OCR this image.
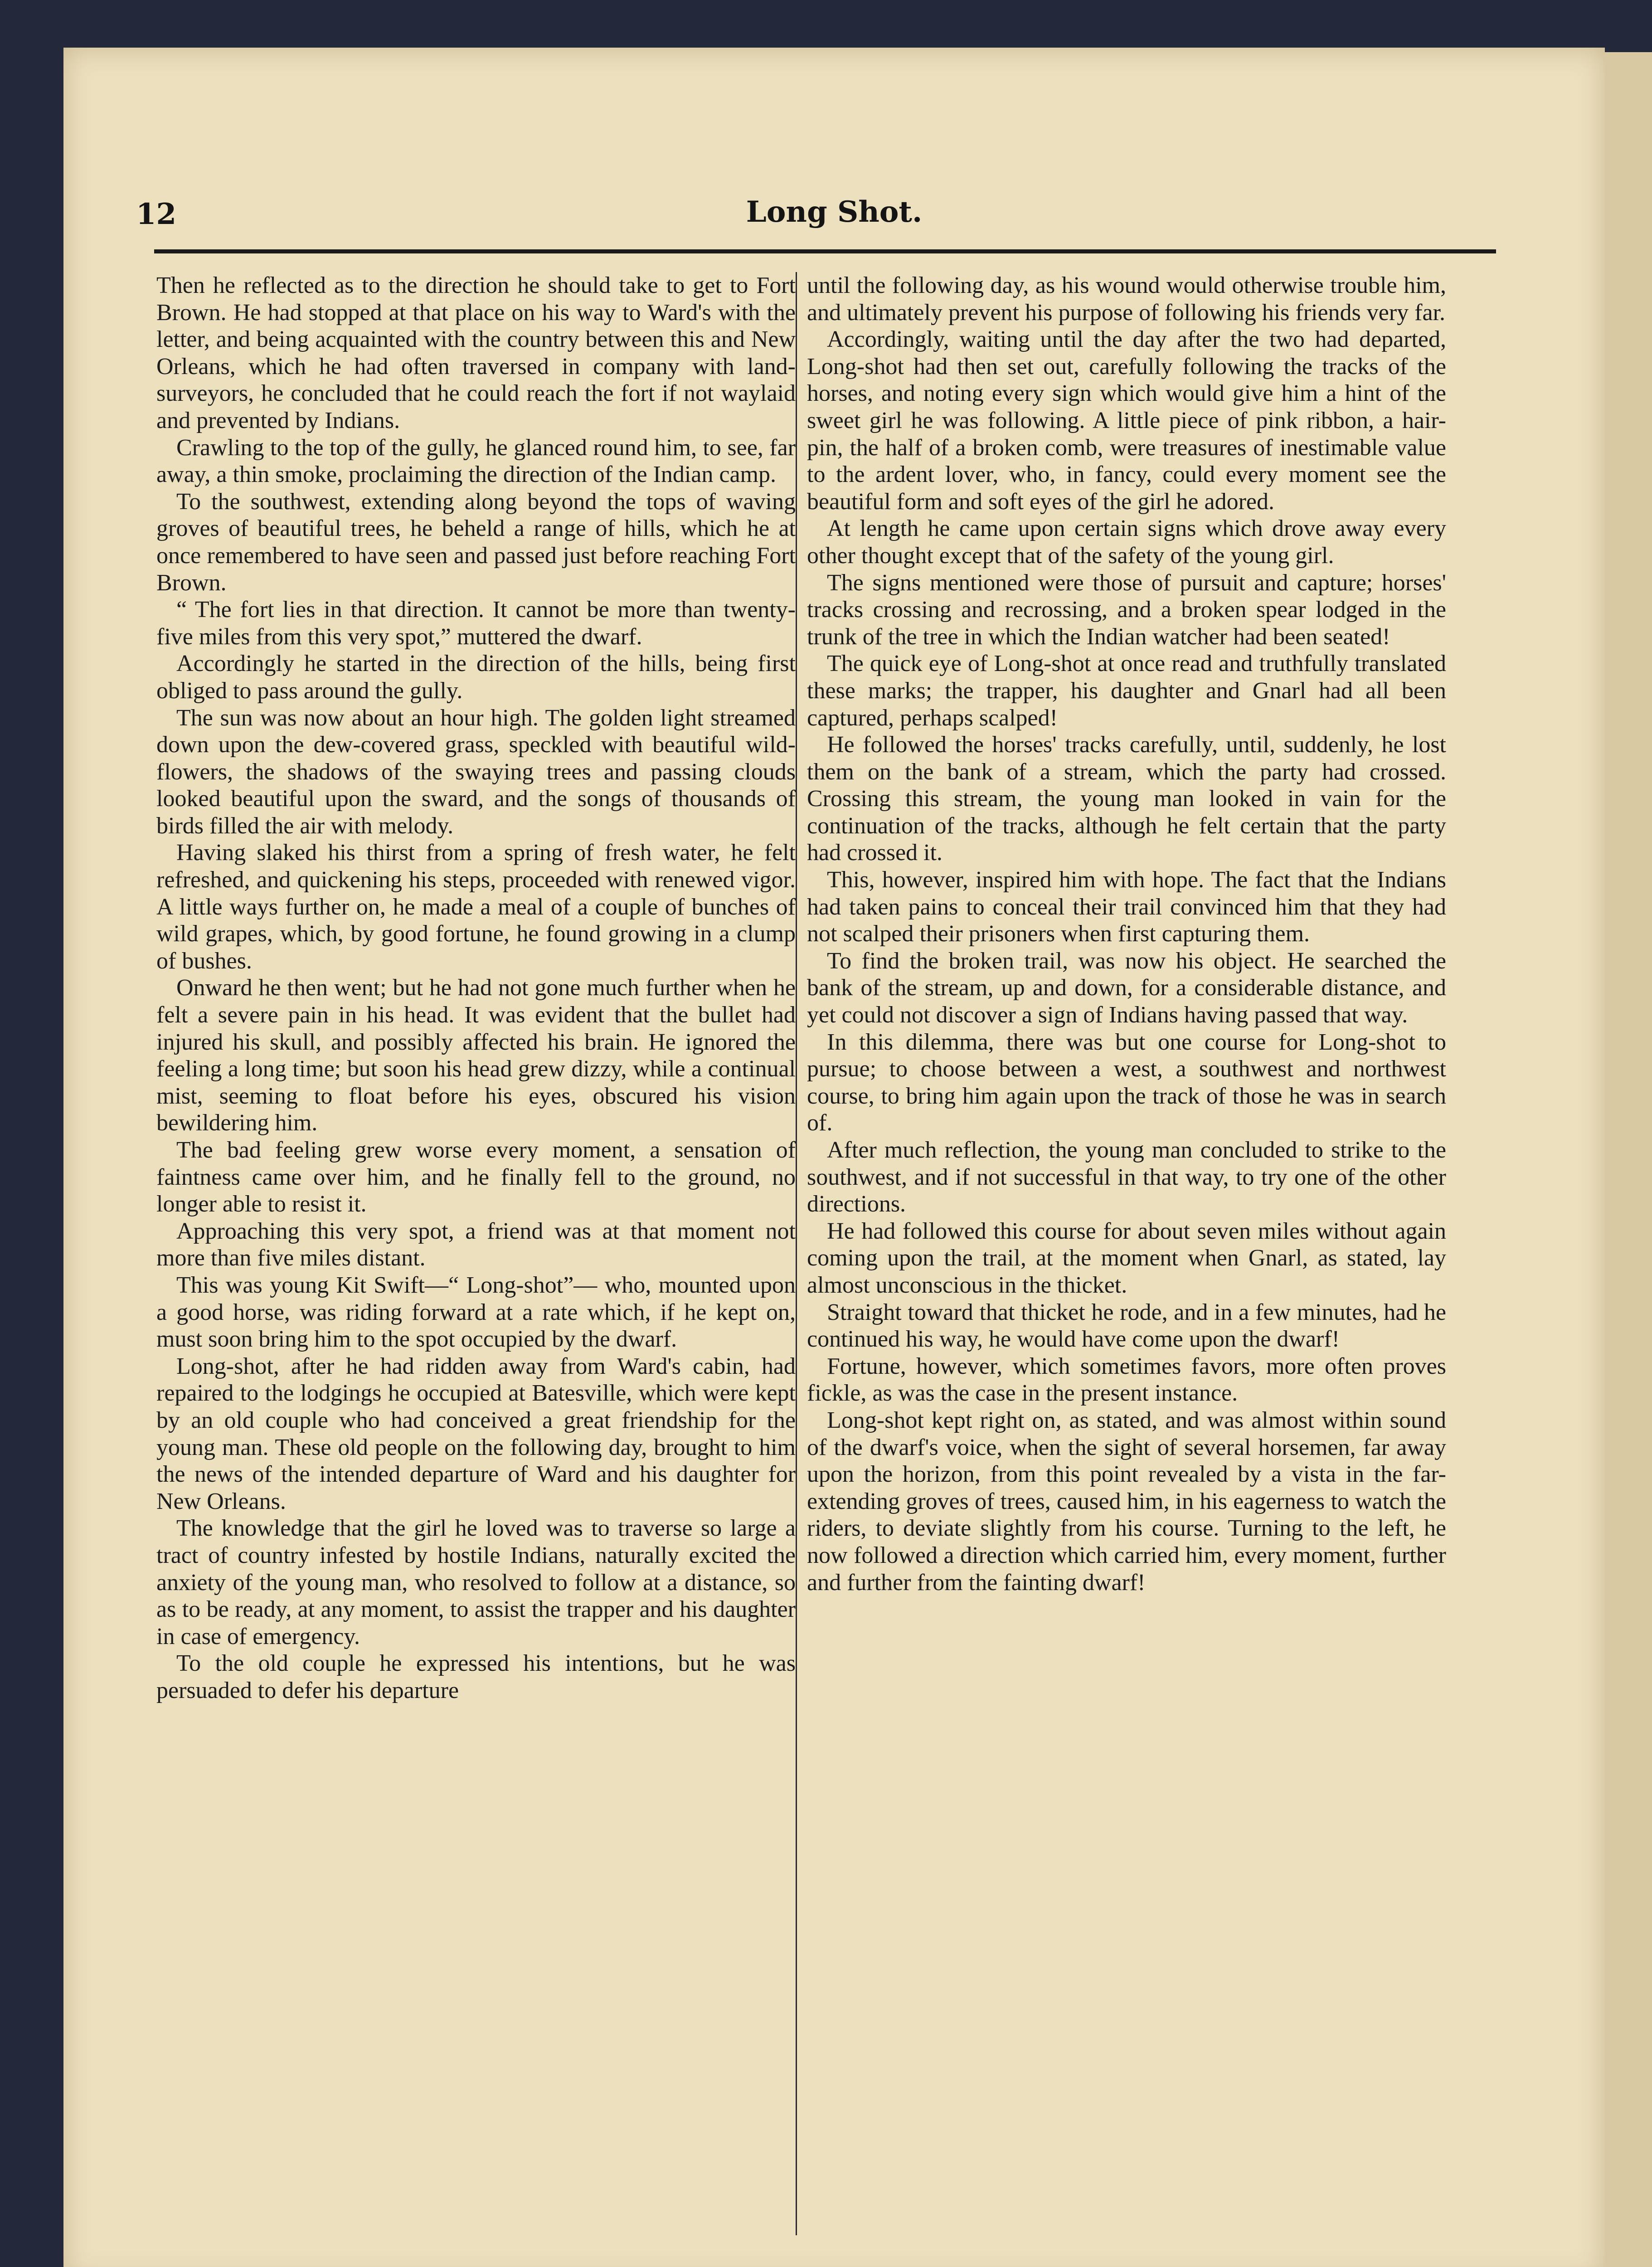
12	Long Shot.

Then he reflected as to the direction he should take to get to Fort Brown. He had stopped at that place on his way to Ward's with the letter, and being acquainted with the country between this and New Orleans, which he had often traversed in company with land-surveyors, he concluded that he could reach the fort if not waylaid and prevented by Indians.

Crawling to the top of the gully, he glanced round him, to see, far away, a thin smoke, proclaiming the direction of the Indian camp.

To the southwest, extending along beyond the tops of waving groves of beautiful trees, he beheld a range of hills, which he at once remembered to have seen and passed just before reaching Fort Brown.

“ The fort lies in that direction. It cannot be more than twenty-five miles from this very spot,” muttered the dwarf.

Accordingly he started in the direction of the hills, being first obliged to pass around the gully.

The sun was now about an hour high. The golden light streamed down upon the dew-covered grass, speckled with beautiful wild-flowers, the shadows of the swaying trees and passing clouds looked beautiful upon the sward, and the songs of thousands of birds filled the air with melody.

Having slaked his thirst from a spring of fresh water, he felt refreshed, and quickening his steps, proceeded with renewed vigor. A little ways further on, he made a meal of a couple of bunches of wild grapes, which, by good fortune, he found growing in a clump of bushes.

Onward he then went; but he had not gone much further when he felt a severe pain in his head. It was evident that the bullet had injured his skull, and possibly affected his brain. He ignored the feeling a long time; but soon his head grew dizzy, while a continual mist, seeming to float before his eyes, obscured his vision bewildering him.

The bad feeling grew worse every moment, a sensation of faintness came over him, and he finally fell to the ground, no longer able to resist it.

Approaching this very spot, a friend was at that moment not more than five miles distant.

This was young Kit Swift—“ Long-shot”— who, mounted upon a good horse, was riding forward at a rate which, if he kept on, must soon bring him to the spot occupied by the dwarf.

Long-shot, after he had ridden away from Ward's cabin, had repaired to the lodgings he occupied at Batesville, which were kept by an old couple who had conceived a great friendship for the young man. These old people on the following day, brought to him the news of the intended departure of Ward and his daughter for New Orleans.

The knowledge that the girl he loved was to traverse so large a tract of country infested by hostile Indians, naturally excited the anxiety of the young man, who resolved to follow at a distance, so as to be ready, at any moment, to assist the trapper and his daughter in case of emergency.

To the old couple he expressed his intentions, but he was persuaded to defer his departure

until the following day, as his wound would otherwise trouble him, and ultimately prevent his purpose of following his friends very far.

Accordingly, waiting until the day after the two had departed, Long-shot had then set out, carefully following the tracks of the horses, and noting every sign which would give him a hint of the sweet girl he was following. A little piece of pink ribbon, a hair-pin, the half of a broken comb, were treasures of inestimable value to the ardent lover, who, in fancy, could every moment see the beautiful form and soft eyes of the girl he adored.

At length he came upon certain signs which drove away every other thought except that of the safety of the young girl.

The signs mentioned were those of pursuit and capture; horses' tracks crossing and recrossing, and a broken spear lodged in the trunk of the tree in which the Indian watcher had been seated!

The quick eye of Long-shot at once read and truthfully translated these marks; the trapper, his daughter and Gnarl had all been captured, perhaps scalped!

He followed the horses' tracks carefully, until, suddenly, he lost them on the bank of a stream, which the party had crossed. Crossing this stream, the young man looked in vain for the continuation of the tracks, although he felt certain that the party had crossed it.

This, however, inspired him with hope. The fact that the Indians had taken pains to conceal their trail convinced him that they had not scalped their prisoners when first capturing them.

To find the broken trail, was now his object. He searched the bank of the stream, up and down, for a considerable distance, and yet could not discover a sign of Indians having passed that way.

In this dilemma, there was but one course for Long-shot to pursue; to choose between a west, a southwest and northwest course, to bring him again upon the track of those he was in search of.

After much reflection, the young man concluded to strike to the southwest, and if not successful in that way, to try one of the other directions.

He had followed this course for about seven miles without again coming upon the trail, at the moment when Gnarl, as stated, lay almost unconscious in the thicket.

Straight toward that thicket he rode, and in a few minutes, had he continued his way, he would have come upon the dwarf!

Fortune, however, which sometimes favors, more often proves fickle, as was the case in the present instance.

Long-shot kept right on, as stated, and was almost within sound of the dwarf's voice, when the sight of several horsemen, far away upon the horizon, from this point revealed by a vista in the far-extending groves of trees, caused him, in his eagerness to watch the riders, to deviate slightly from his course. Turning to the left, he now followed a direction which carried him, every moment, further and further from the fainting dwarf!
